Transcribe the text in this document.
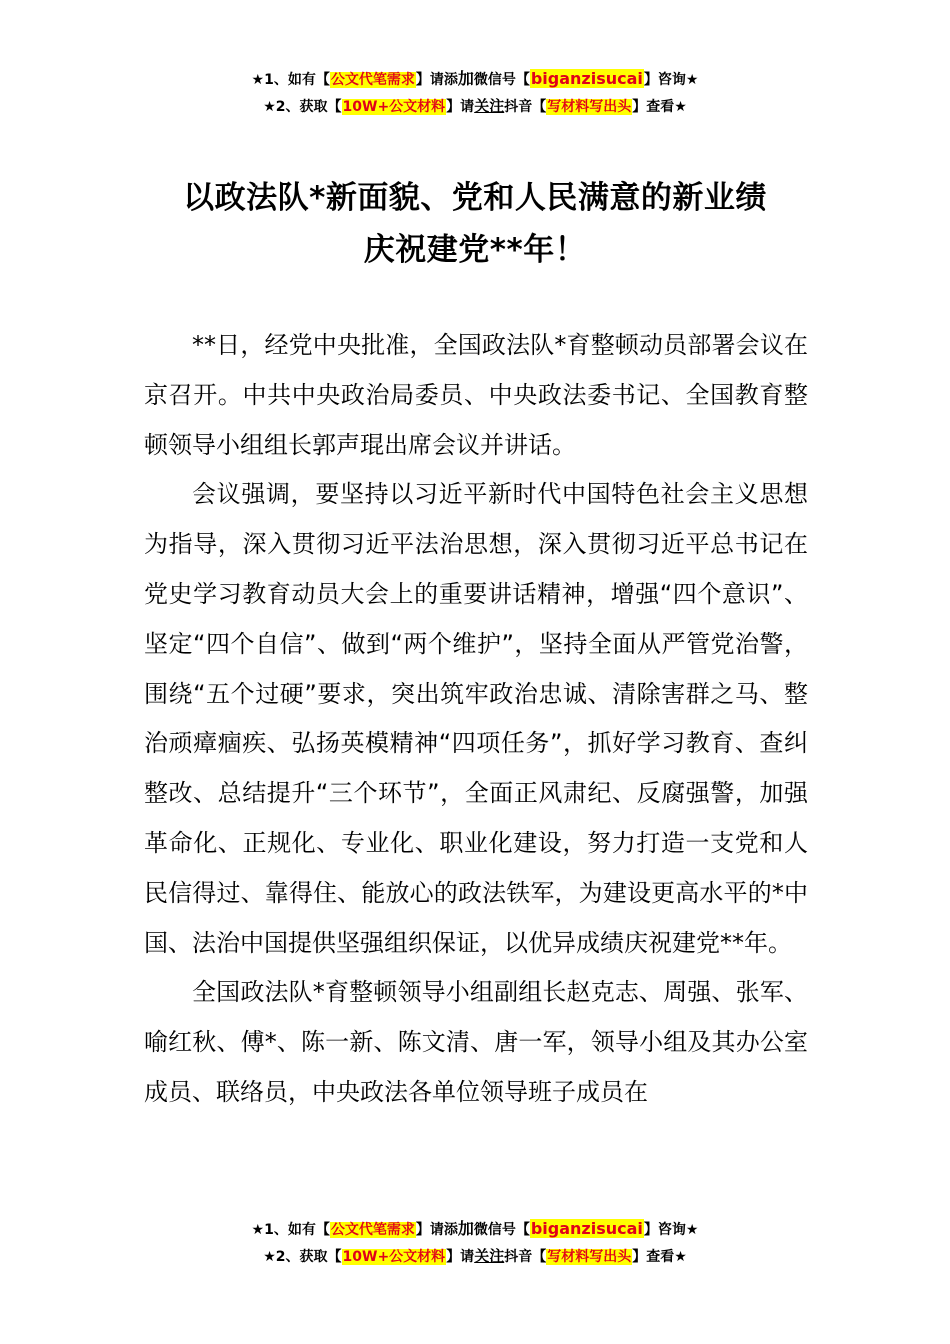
★1、如有【公文代笔需求】请添加微信号【biganzisucai】咨询★
★2、获取【10W+公文材料】请关注抖音【写材料写出头】查看★
以政法队*新面貌、党和人民满意的新业绩
庆祝建党**年！

**日，经党中央批准，全国政法队*育整顿动员部署会议在京召开。中共中央政治局委员、中央政法委书记、全国教育整顿领导小组组长郭声琨出席会议并讲话。

会议强调，要坚持以习近平新时代中国特色社会主义思想为指导，深入贯彻习近平法治思想，深入贯彻习近平总书记在党史学习教育动员大会上的重要讲话精神，增强“四个意识”、坚定“四个自信”、做到“两个维护”，坚持全面从严管党治警，围绕“五个过硬”要求，突出筑牢政治忠诚、清除害群之马、整治顽瘴痼疾、弘扬英模精神“四项任务”，抓好学习教育、查纠整改、总结提升“三个环节”，全面正风肃纪、反腐强警，加强革命化、正规化、专业化、职业化建设，努力打造一支党和人民信得过、靠得住、能放心的政法铁军，为建设更高水平的*中国、法治中国提供坚强组织保证，以优异成绩庆祝建党**年。

全国政法队*育整顿领导小组副组长赵克志、周强、张军、喻红秋、傅*、陈一新、陈文清、唐一军，领导小组及其办公室成员、联络员，中央政法各单位领导班子成员在

★1、如有【公文代笔需求】请添加微信号【biganzisucai】咨询★
★2、获取【10W+公文材料】请关注抖音【写材料写出头】查看★
